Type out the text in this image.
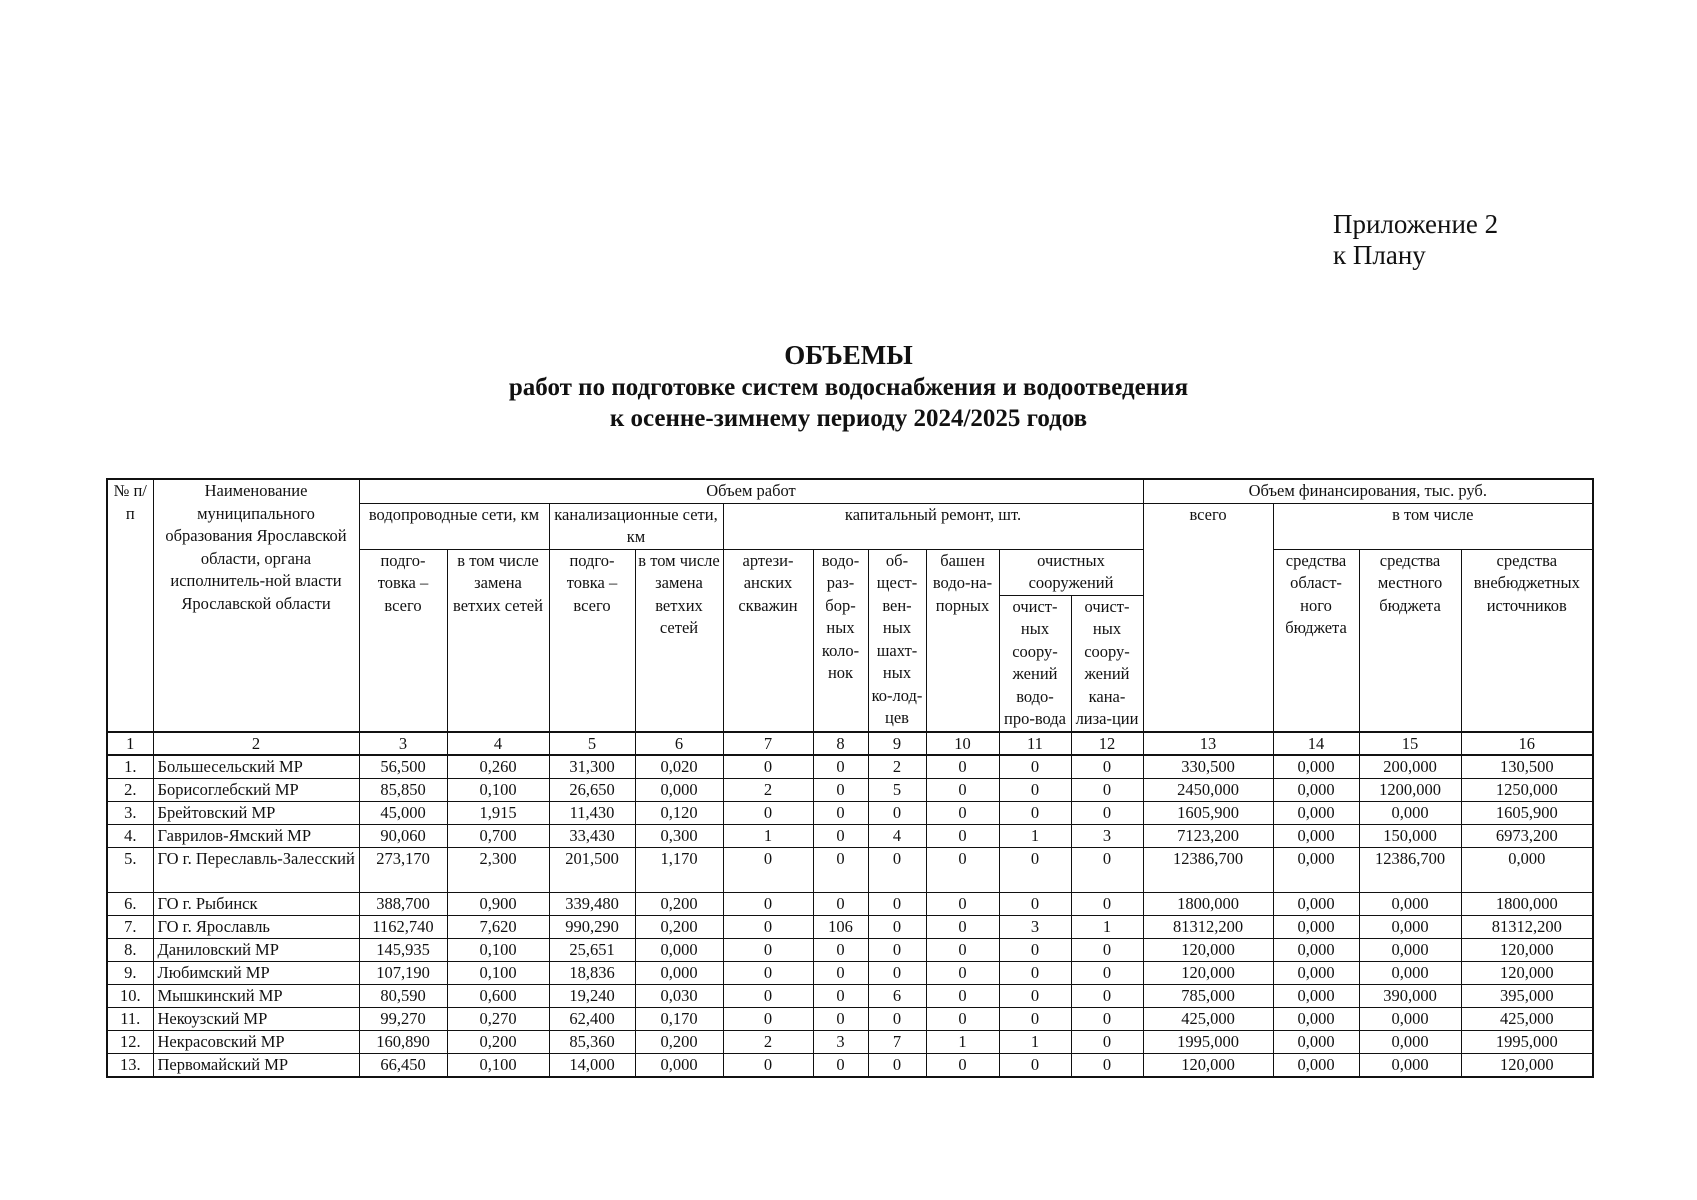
Приложение 2
к Плану
ОБЪЕМЫ
работ по подготовке систем водоснабжения и водоотведения
к осенне-зимнему периоду 2024/2025 годов
№ п/п	Наименование муниципального образования Ярославской области, органа исполнитель-ной власти Ярославской области	Объем работ										Объем финансирования, тыс. руб.			
		водопроводные сети, км		канализационные сети, км		капитальный ремонт, шт.						всего	в том числе		
		подго-товка – всего	в том числе замена ветхих сетей	подго-товка – всего	в том числе замена ветхих сетей	артези-анских скважин	водо-раз-бор-ных коло-нок	об-щест-вен-ных шахт-ных ко-лод-цев	башен водо-на-порных	очистных сооружений			средства област-ного бюджета	средства местного бюджета	средства внебюджетных источников
										очист-ных соору-жений водо-про-вода	очист-ных соору-жений кана-лиза-ции				
1	2	3	4	5	6	7	8	9	10	11	12	13	14	15	16
1.	Большесельский МР	56,500	0,260	31,300	0,020	0	0	2	0	0	0	330,500	0,000	200,000	130,500
2.	Борисоглебский МР	85,850	0,100	26,650	0,000	2	0	5	0	0	0	2450,000	0,000	1200,000	1250,000
3.	Брейтовский МР	45,000	1,915	11,430	0,120	0	0	0	0	0	0	1605,900	0,000	0,000	1605,900
4.	Гаврилов-Ямский МР	90,060	0,700	33,430	0,300	1	0	4	0	1	3	7123,200	0,000	150,000	6973,200
5.	ГО г. Переславль-Залесский	273,170	2,300	201,500	1,170	0	0	0	0	0	0	12386,700	0,000	12386,700	0,000
6.	ГО г. Рыбинск	388,700	0,900	339,480	0,200	0	0	0	0	0	0	1800,000	0,000	0,000	1800,000
7.	ГО г. Ярославль	1162,740	7,620	990,290	0,200	0	106	0	0	3	1	81312,200	0,000	0,000	81312,200
8.	Даниловский МР	145,935	0,100	25,651	0,000	0	0	0	0	0	0	120,000	0,000	0,000	120,000
9.	Любимский МР	107,190	0,100	18,836	0,000	0	0	0	0	0	0	120,000	0,000	0,000	120,000
10.	Мышкинский МР	80,590	0,600	19,240	0,030	0	0	6	0	0	0	785,000	0,000	390,000	395,000
11.	Некоузский МР	99,270	0,270	62,400	0,170	0	0	0	0	0	0	425,000	0,000	0,000	425,000
12.	Некрасовский МР	160,890	0,200	85,360	0,200	2	3	7	1	1	0	1995,000	0,000	0,000	1995,000
13.	Первомайский МР	66,450	0,100	14,000	0,000	0	0	0	0	0	0	120,000	0,000	0,000	120,000
